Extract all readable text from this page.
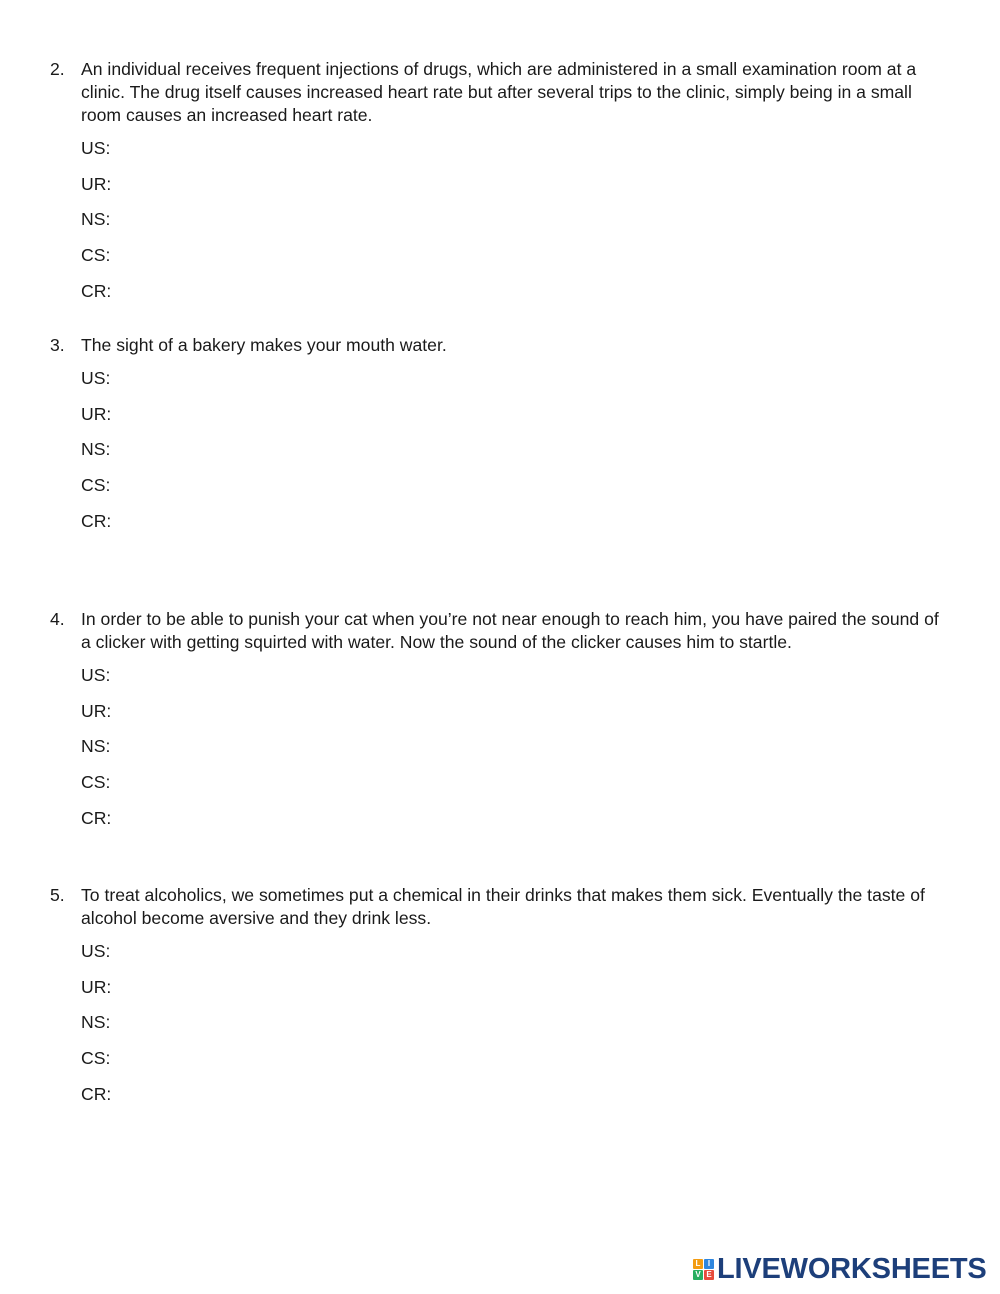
2. An individual receives frequent injections of drugs, which are administered in a small examination room at a clinic. The drug itself causes increased heart rate but after several trips to the clinic, simply being in a small room causes an increased heart rate.
US:
UR:
NS:
CS:
CR:
3. The sight of a bakery makes your mouth water.
US:
UR:
NS:
CS:
CR:
4. In order to be able to punish your cat when you’re not near enough to reach him, you have paired the sound of a clicker with getting squirted with water. Now the sound of the clicker causes him to startle.
US:
UR:
NS:
CS:
CR:
5. To treat alcoholics, we sometimes put a chemical in their drinks that makes them sick. Eventually the taste of alcohol become aversive and they drink less.
US:
UR:
NS:
CS:
CR:
L I
V E LIVEWORKSHEETS
